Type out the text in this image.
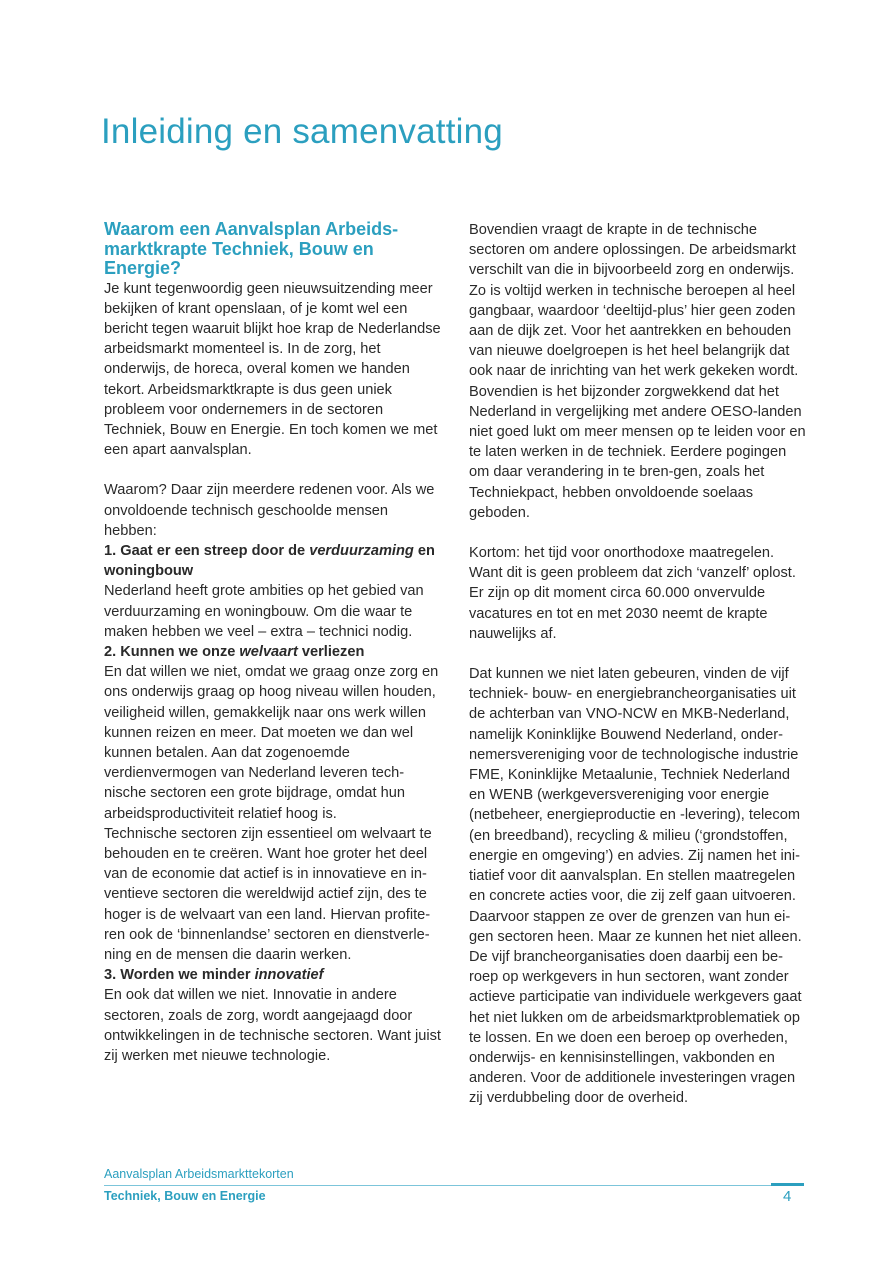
Inleiding en samenvatting
Waarom een Aanvalsplan Arbeids-marktkrapte Techniek, Bouw en Energie?

Je kunt tegenwoordig geen nieuwsuitzending meer bekijken of krant openslaan, of je komt wel een bericht tegen waaruit blijkt hoe krap de Nederlandse arbeidsmarkt momenteel is. In de zorg, het onderwijs, de horeca, overal komen we handen tekort. Arbeidsmarktkrapte is dus geen uniek probleem voor ondernemers in de sectoren Techniek, Bouw en Energie. En toch komen we met een apart aanvalsplan.

Waarom? Daar zijn meerdere redenen voor. Als we onvoldoende technisch geschoolde mensen hebben:

1. Gaat er een streep door de verduurzaming en woningbouw

Nederland heeft grote ambities op het gebied van verduurzaming en woningbouw. Om die waar te maken hebben we veel – extra – technici nodig.

2. Kunnen we onze welvaart verliezen

En dat willen we niet, omdat we graag onze zorg en ons onderwijs graag op hoog niveau willen houden, veiligheid willen, gemakkelijk naar ons werk willen kunnen reizen en meer. Dat moeten we dan wel kunnen betalen. Aan dat zogenoemde verdienvermogen van Nederland leveren tech-nische sectoren een grote bijdrage, omdat hun arbeidsproductiviteit relatief hoog is.

Technische sectoren zijn essentieel om welvaart te behouden en te creëren. Want hoe groter het deel van de economie dat actief is in innovatieve en in-ventieve sectoren die wereldwijd actief zijn, des te hoger is de welvaart van een land. Hiervan profite-ren ook de ‘binnenlandse’ sectoren en dienstverle-ning en de mensen die daarin werken.

3. Worden we minder innovatief

En ook dat willen we niet. Innovatie in andere sectoren, zoals de zorg, wordt aangejaagd door ontwikkelingen in de technische sectoren. Want juist zij werken met nieuwe technologie.

Bovendien vraagt de krapte in de technische sectoren om andere oplossingen. De arbeidsmarkt verschilt van die in bijvoorbeeld zorg en onderwijs. Zo is voltijd werken in technische beroepen al heel gangbaar, waardoor ‘deeltijd-plus’ hier geen zoden aan de dijk zet. Voor het aantrekken en behouden van nieuwe doelgroepen is het heel belangrijk dat ook naar de inrichting van het werk gekeken wordt. Bovendien is het bijzonder zorgwekkend dat het Nederland in vergelijking met andere OESO-landen niet goed lukt om meer mensen op te leiden voor en te laten werken in de techniek. Eerdere pogingen om daar verandering in te bren-gen, zoals het Techniekpact, hebben onvoldoende soelaas geboden.

Kortom: het tijd voor onorthodoxe maatregelen. Want dit is geen probleem dat zich ‘vanzelf’ oplost. Er zijn op dit moment circa 60.000 onvervulde vacatures en tot en met 2030 neemt de krapte nauwelijks af.

Dat kunnen we niet laten gebeuren, vinden de vijf techniek- bouw- en energiebrancheorganisaties uit de achterban van VNO-NCW en MKB-Nederland, namelijk Koninklijke Bouwend Nederland, onder-nemersvereniging voor de technologische industrie FME, Koninklijke Metaalunie, Techniek Nederland en WENB (werkgeversvereniging voor energie (netbeheer, energieproductie en -levering), telecom (en breedband), recycling & milieu (‘grondstoffen, energie en omgeving’) en advies. Zij namen het ini-tiatief voor dit aanvalsplan. En stellen maatregelen en concrete acties voor, die zij zelf gaan uitvoeren. Daarvoor stappen ze over de grenzen van hun ei-gen sectoren heen. Maar ze kunnen het niet alleen. De vijf brancheorganisaties doen daarbij een be-roep op werkgevers in hun sectoren, want zonder actieve participatie van individuele werkgevers gaat het niet lukken om de arbeidsmarktproblematiek op te lossen. En we doen een beroep op overheden, onderwijs- en kennisinstellingen, vakbonden en anderen. Voor de additionele investeringen vragen zij verdubbeling door de overheid.

Aanvalsplan Arbeidsmarkttekorten
Techniek, Bouw en Energie	4
